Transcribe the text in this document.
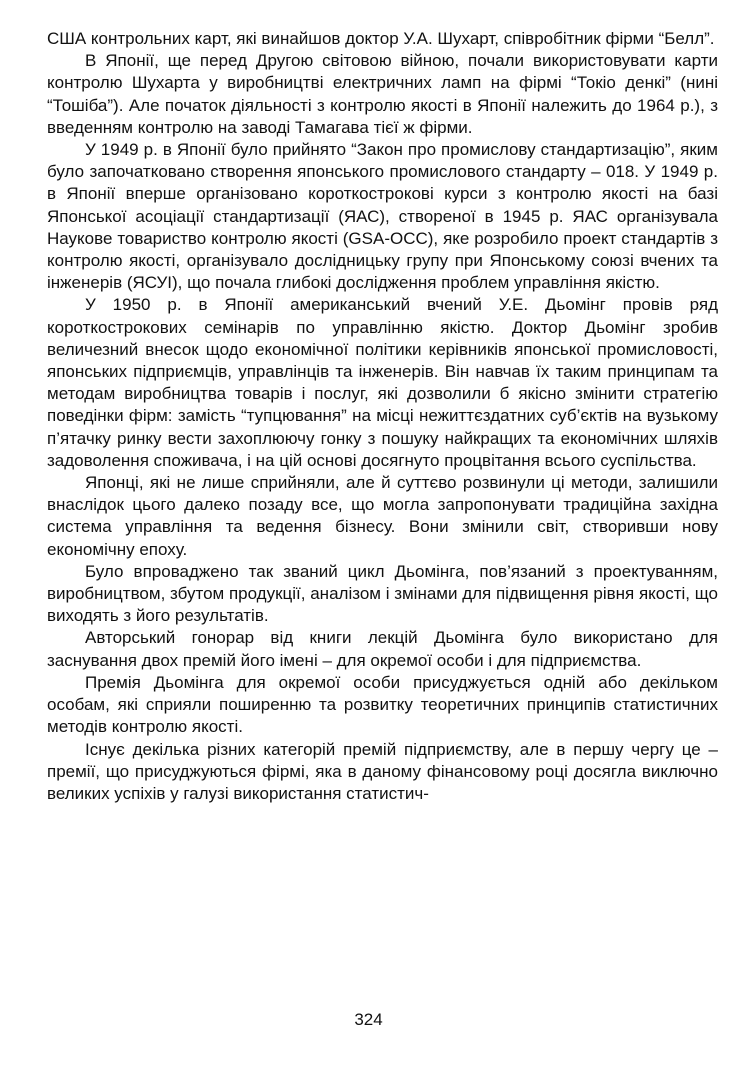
США контрольних карт, які винайшов доктор У.А. Шухарт, співробітник фірми “Белл”.

В Японії, ще перед Другою світовою війною, почали використовувати карти контролю Шухарта у виробництві електричних ламп на фірмі “Токіо денкі” (нині “Тошіба”). Але початок діяльності з контролю якості в Японії належить до 1964 р.), з введенням контролю на заводі Тамагава тієї ж фірми.

У 1949 р. в Японії було прийнято “Закон про промислову стандартизацію”, яким було започатковано створення японського промислового стандарту – 018. У 1949 р. в Японії вперше організовано короткострокові курси з контролю якості на базі Японської асоціації стандартизації (ЯАС), створеної в 1945 р. ЯАС організувала Наукове товариство контролю якості (GSA-OCC), яке розробило проект стандартів з контролю якості, організувало дослідницьку групу при Японському союзі вчених та інженерів (ЯСУІ), що почала глибокі дослідження проблем управління якістю.

У 1950 р. в Японії американський вчений У.Е. Дьомінг провів ряд короткострокових семінарів по управлінню якістю. Доктор Дьомінг зробив величезний внесок щодо економічної політики керівників японської промисловості, японських підприємців, управлінців та інженерів. Він навчав їх таким принципам та методам виробництва товарів і послуг, які дозволили б якісно змінити стратегію поведінки фірм: замість “тупцювання” на місці нежиттєздатних суб’єктів на вузькому п’ятачку ринку вести захоплюючу гонку з пошуку найкращих та економічних шляхів задоволення споживача, і на цій основі досягнуто процвітання всього суспільства.

Японці, які не лише сприйняли, але й суттєво розвинули ці методи, залишили внаслідок цього далеко позаду все, що могла запропонувати традиційна західна система управління та ведення бізнесу. Вони змінили світ, створивши нову економічну епоху.

Було впроваджено так званий цикл Дьомінга, пов’язаний з проектуванням, виробництвом, збутом продукції, аналізом і змінами для підвищення рівня якості, що виходять з його результатів.

Авторський гонорар від книги лекцій Дьомінга було використано для заснування двох премій його імені – для окремої особи і для підприємства.

Премія Дьомінга для окремої особи присуджується одній або декільком особам, які сприяли поширенню та розвитку теоретичних принципів статистичних методів контролю якості.

Існує декілька різних категорій премій підприємству, але в першу чергу це – премії, що присуджуються фірмі, яка в даному фінансовому році досягла виключно великих успіхів у галузі використання статистич-

324
